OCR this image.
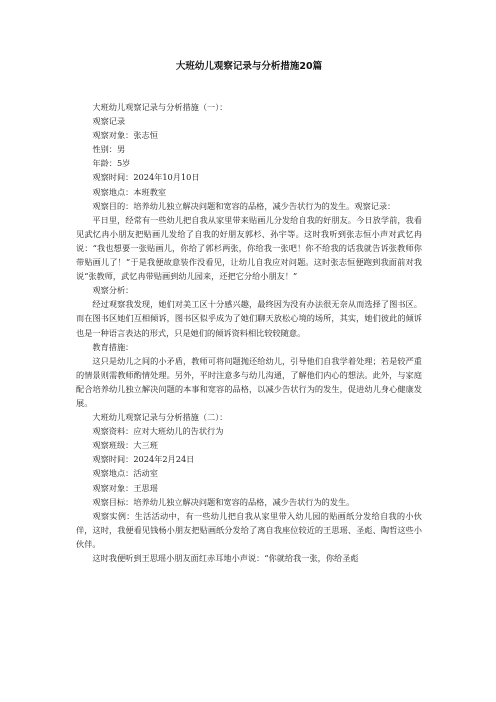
大班幼儿观察记录与分析措施20篇

大班幼儿观察记录与分析措施（一）：

观察记录

观察对象：张志恒

性别：男

年龄：5岁

观察时间：2024年10月10日

观察地点：本班教室

观察目的：培养幼儿独立解决问题和宽容的品格，减少告状行为的发生。观察记录：

平日里，经常有一些幼儿把自我从家里带来贴画儿分发给自我的好朋友。今日放学前，我看见武忆冉小朋友把贴画儿发给了自我的好朋友郭杉、孙宇等。这时我听到张志恒小声对武忆冉说：“我也想要一张贴画儿，你给了郭杉两张，你给我一张吧！你不给我的话我就告诉张教师你带贴画儿了！”于是我便故意装作没看见，让幼儿自我应对问题。这时张志恒便跑到我面前对我说“张教师，武忆冉带贴画到幼儿园来，还把它分给小朋友！”

观察分析：

经过观察我发现，她们对美工区十分感兴趣，最终因为没有办法很无奈从而选择了图书区。而在图书区她们互相倾诉，图书区似乎成为了她们聊天放松心境的场所，其实，她们彼此的倾诉也是一种语言表达的形式，只是她们的倾诉资料相比较较随意。

教育措施：

这只是幼儿之间的小矛盾，教师可将问题抛还给幼儿，引导他们自我学着处理；若是较严重的情景则需教师酌情处理。另外，平时注意多与幼儿沟通，了解他们内心的想法。此外，与家庭配合培养幼儿独立解决问题的本事和宽容的品格，以减少告状行为的发生，促进幼儿身心健康发展。

大班幼儿观察记录与分析措施（二）：

观察资料：应对大班幼儿的告状行为

观察班级：大三班

观察时间：2024年2月24日

观察地点：活动室

观察对象：王思瑶

观察目标：培养幼儿独立解决问题和宽容的品格，减少告状行为的发生。

观察实例：生活活动中，有一些幼儿把自我从家里带入幼儿园的贴画纸分发给自我的小伙伴，这时，我便看见钱杨小朋友把贴画纸分发给了离自我座位较近的王思瑶、圣彪、陶哲这些小伙伴。

这时我便听到王思瑶小朋友面红赤耳地小声说：“你就给我一张，你给圣彪
